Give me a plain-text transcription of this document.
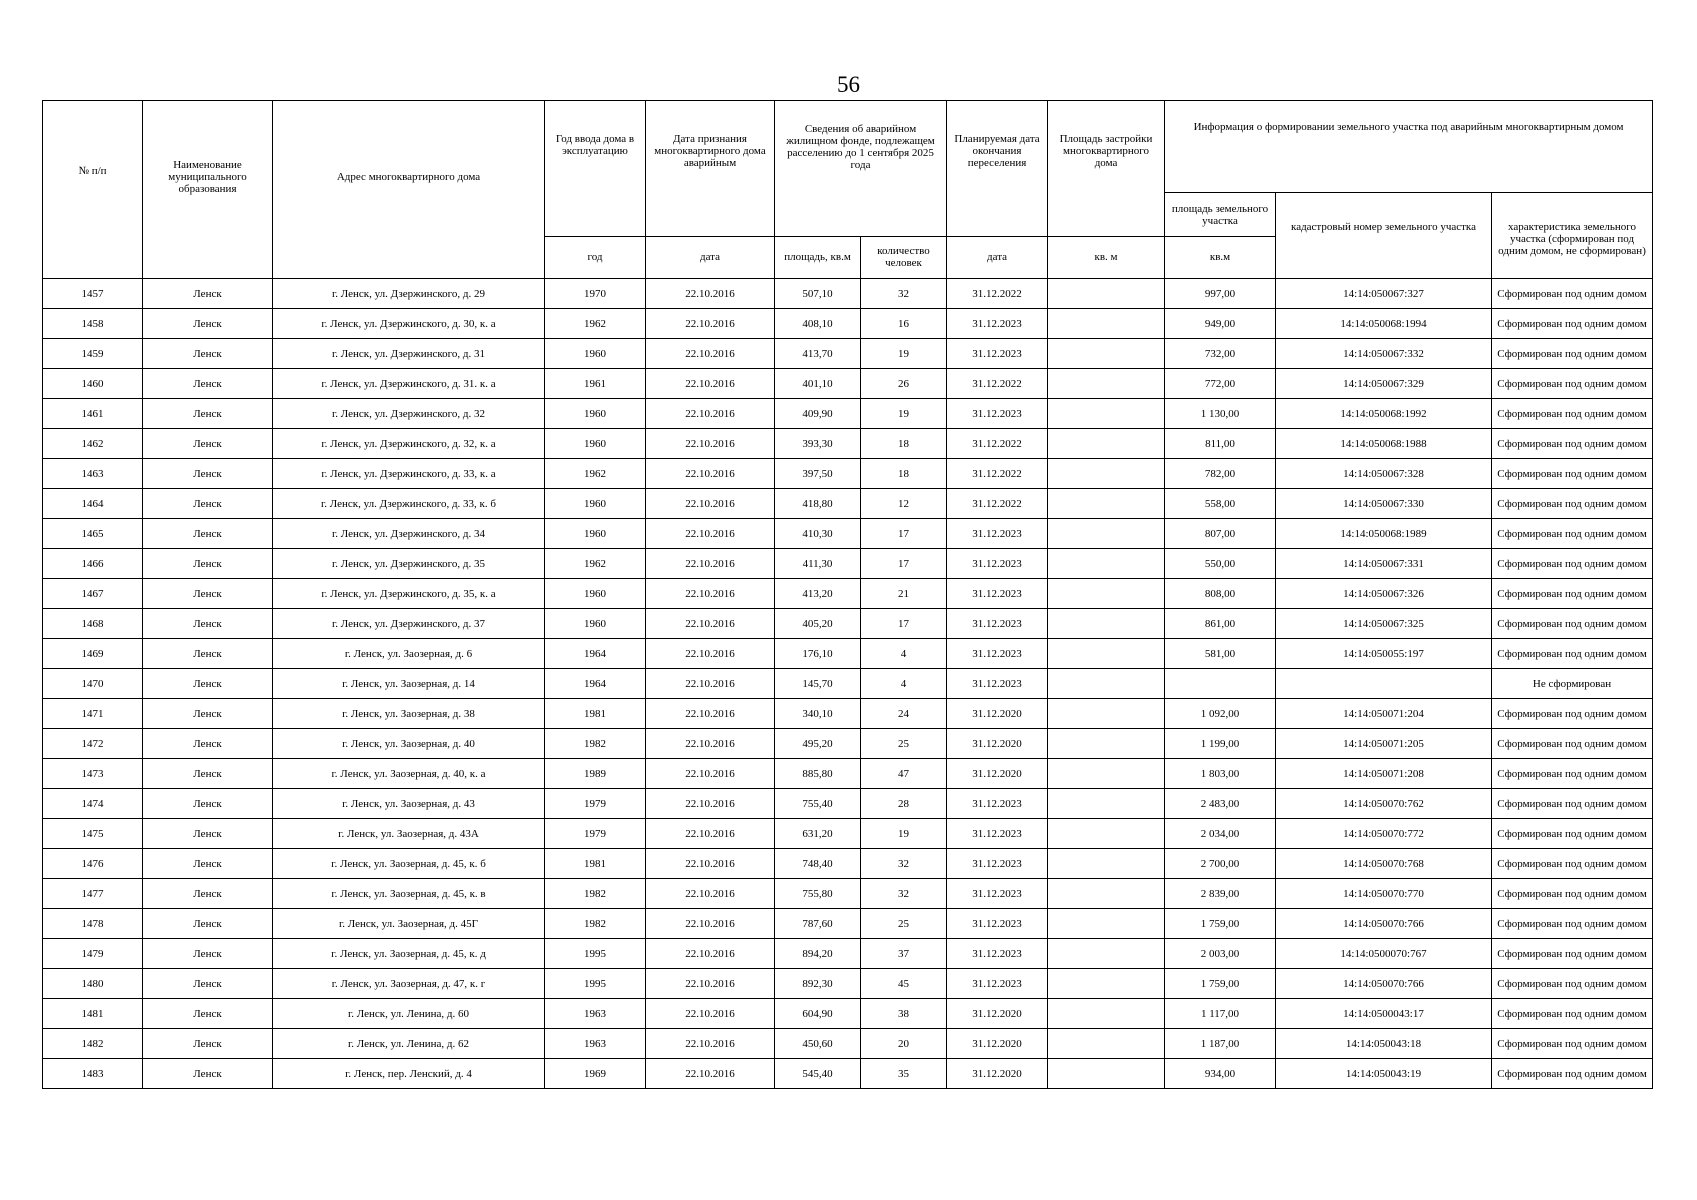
56
№ п/п	Наименование муниципального образования	Адрес многоквартирного дома	Год ввода дома в эксплуатацию	Дата признания многоквартирного дома аварийным	Сведения об аварийном жилищном фонде, подлежащем расселению до 1 сентября 2025 года		Планируемая дата окончания переселения	Площадь застройки многоквартирного дома	Информация о формировании земельного участка под аварийным многоквартирным домом		
									площадь земельного участка	кадастровый номер земельного участка	характеристика земельного участка (сформирован под одним домом, не сформирован)
			год	дата	площадь, кв.м	количество человек	дата	кв. м	кв.м		
1457	Ленск	г. Ленск, ул. Дзержинского, д. 29	1970	22.10.2016	507,10	32	31.12.2022		997,00	14:14:050067:327	Сформирован под одним домом
1458	Ленск	г. Ленск, ул. Дзержинского, д. 30, к. а	1962	22.10.2016	408,10	16	31.12.2023		949,00	14:14:050068:1994	Сформирован под одним домом
1459	Ленск	г. Ленск, ул. Дзержинского, д. 31	1960	22.10.2016	413,70	19	31.12.2023		732,00	14:14:050067:332	Сформирован под одним домом
1460	Ленск	г. Ленск, ул. Дзержинского, д. 31. к. а	1961	22.10.2016	401,10	26	31.12.2022		772,00	14:14:050067:329	Сформирован под одним домом
1461	Ленск	г. Ленск, ул. Дзержинского, д. 32	1960	22.10.2016	409,90	19	31.12.2023		1 130,00	14:14:050068:1992	Сформирован под одним домом
1462	Ленск	г. Ленск, ул. Дзержинского, д. 32, к. а	1960	22.10.2016	393,30	18	31.12.2022		811,00	14:14:050068:1988	Сформирован под одним домом
1463	Ленск	г. Ленск, ул. Дзержинского, д. 33, к. а	1962	22.10.2016	397,50	18	31.12.2022		782,00	14:14:050067:328	Сформирован под одним домом
1464	Ленск	г. Ленск, ул. Дзержинского, д. 33, к. б	1960	22.10.2016	418,80	12	31.12.2022		558,00	14:14:050067:330	Сформирован под одним домом
1465	Ленск	г. Ленск, ул. Дзержинского, д. 34	1960	22.10.2016	410,30	17	31.12.2023		807,00	14:14:050068:1989	Сформирован под одним домом
1466	Ленск	г. Ленск, ул. Дзержинского, д. 35	1962	22.10.2016	411,30	17	31.12.2023		550,00	14:14:050067:331	Сформирован под одним домом
1467	Ленск	г. Ленск, ул. Дзержинского, д. 35, к. а	1960	22.10.2016	413,20	21	31.12.2023		808,00	14:14:050067:326	Сформирован под одним домом
1468	Ленск	г. Ленск, ул. Дзержинского, д. 37	1960	22.10.2016	405,20	17	31.12.2023		861,00	14:14:050067:325	Сформирован под одним домом
1469	Ленск	г. Ленск, ул. Заозерная, д. 6	1964	22.10.2016	176,10	4	31.12.2023		581,00	14:14:050055:197	Сформирован под одним домом
1470	Ленск	г. Ленск, ул. Заозерная, д. 14	1964	22.10.2016	145,70	4	31.12.2023				Не сформирован
1471	Ленск	г. Ленск, ул. Заозерная, д. 38	1981	22.10.2016	340,10	24	31.12.2020		1 092,00	14:14:050071:204	Сформирован под одним домом
1472	Ленск	г. Ленск, ул. Заозерная, д. 40	1982	22.10.2016	495,20	25	31.12.2020		1 199,00	14:14:050071:205	Сформирован под одним домом
1473	Ленск	г. Ленск, ул. Заозерная, д. 40, к. а	1989	22.10.2016	885,80	47	31.12.2020		1 803,00	14:14:050071:208	Сформирован под одним домом
1474	Ленск	г. Ленск, ул. Заозерная, д. 43	1979	22.10.2016	755,40	28	31.12.2023		2 483,00	14:14:050070:762	Сформирован под одним домом
1475	Ленск	г. Ленск, ул. Заозерная, д. 43А	1979	22.10.2016	631,20	19	31.12.2023		2 034,00	14:14:050070:772	Сформирован под одним домом
1476	Ленск	г. Ленск, ул. Заозерная, д. 45, к. б	1981	22.10.2016	748,40	32	31.12.2023		2 700,00	14:14:050070:768	Сформирован под одним домом
1477	Ленск	г. Ленск, ул. Заозерная, д. 45, к. в	1982	22.10.2016	755,80	32	31.12.2023		2 839,00	14:14:050070:770	Сформирован под одним домом
1478	Ленск	г. Ленск, ул. Заозерная, д. 45Г	1982	22.10.2016	787,60	25	31.12.2023		1 759,00	14:14:050070:766	Сформирован под одним домом
1479	Ленск	г. Ленск, ул. Заозерная, д. 45, к. д	1995	22.10.2016	894,20	37	31.12.2023		2 003,00	14:14:0500070:767	Сформирован под одним домом
1480	Ленск	г. Ленск, ул. Заозерная, д. 47, к. г	1995	22.10.2016	892,30	45	31.12.2023		1 759,00	14:14:050070:766	Сформирован под одним домом
1481	Ленск	г. Ленск, ул. Ленина, д. 60	1963	22.10.2016	604,90	38	31.12.2020		1 117,00	14:14:0500043:17	Сформирован под одним домом
1482	Ленск	г. Ленск, ул. Ленина, д. 62	1963	22.10.2016	450,60	20	31.12.2020		1 187,00	14:14:050043:18	Сформирован под одним домом
1483	Ленск	г. Ленск, пер. Ленский, д. 4	1969	22.10.2016	545,40	35	31.12.2020		934,00	14:14:050043:19	Сформирован под одним домом
